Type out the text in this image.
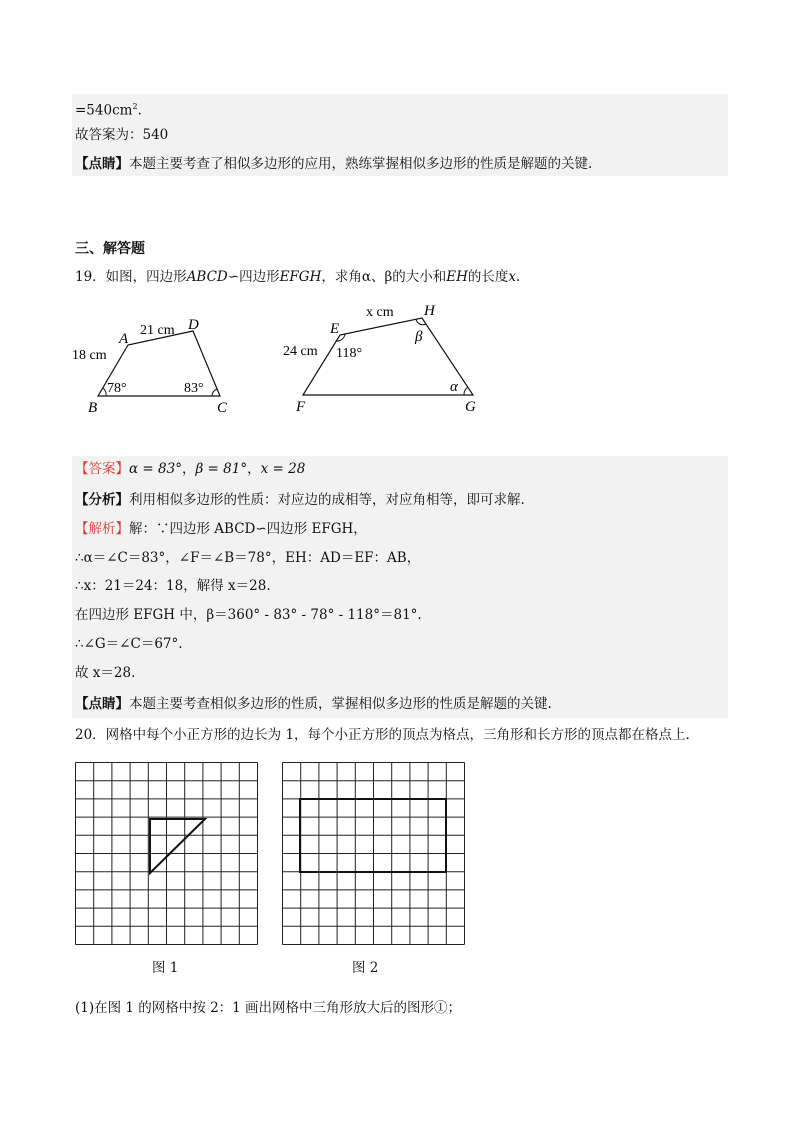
$=540cm^2$.
故答案为：540
【点睛】本题主要考查了相似多边形的应用，熟练掌握相似多边形的性质是解题的关键.
三、解答题
19．如图，四边形ABCD∽四边形EFGH，求角α、β的大小和EH的长度x.
A
B	C
D
21 cm
18 cm
78°	83°
E
F	G
H
x cm
24 cm 118°
β
α
【答案】α = 83°，β = 81°，x = 28
【分析】利用相似多边形的性质：对应边的成相等，对应角相等，即可求解.
【解析】解：∵四边形 ABCD∽四边形 EFGH，
∴α＝∠C＝83°，∠F＝∠B＝78°，EH：AD＝EF：AB，
∴x：21＝24：18，解得 x＝28.
在四边形 EFGH 中，β＝360° - 83° - 78° - 118°＝81°.
∴∠G＝∠C＝67°.
故 x＝28.
【点睛】本题主要考查相似多边形的性质，掌握相似多边形的性质是解题的关键.
20．网格中每个小正方形的边长为 1，每个小正方形的顶点为格点，三角形和长方形的顶点都在格点上.
图 1	图 2
(1)在图 1 的网格中按 2：1 画出网格中三角形放大后的图形①；
